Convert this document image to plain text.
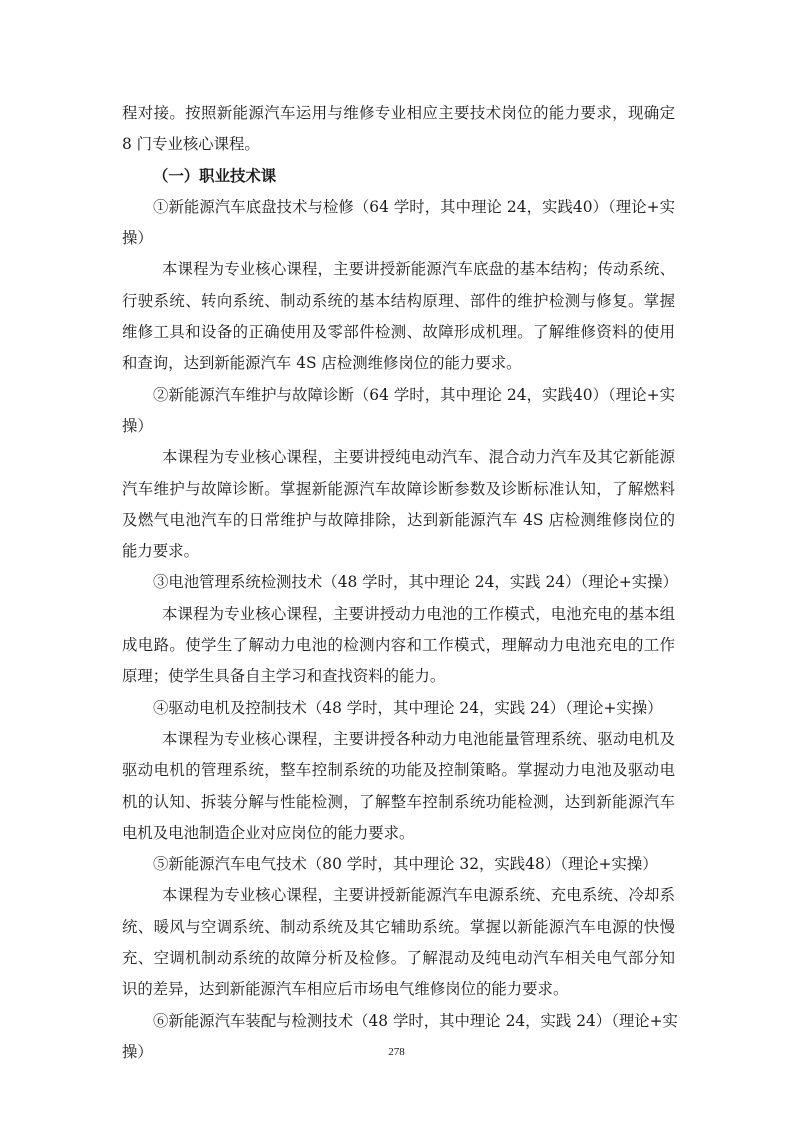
程对接。按照新能源汽车运用与维修专业相应主要技术岗位的能力要求，现确定
8 门专业核心课程。
（一）职业技术课
①新能源汽车底盘技术与检修（64 学时，其中理论 24，实践40）（理论+实
操）
本课程为专业核心课程，主要讲授新能源汽车底盘的基本结构；传动系统、
行驶系统、转向系统、制动系统的基本结构原理、部件的维护检测与修复。掌握
维修工具和设备的正确使用及零部件检测、故障形成机理。了解维修资料的使用
和查询，达到新能源汽车 4S 店检测维修岗位的能力要求。
②新能源汽车维护与故障诊断（64 学时，其中理论 24，实践40）（理论+实
操）
本课程为专业核心课程，主要讲授纯电动汽车、混合动力汽车及其它新能源
汽车维护与故障诊断。掌握新能源汽车故障诊断参数及诊断标准认知，了解燃料
及燃气电池汽车的日常维护与故障排除，达到新能源汽车 4S 店检测维修岗位的
能力要求。
③电池管理系统检测技术（48 学时，其中理论 24，实践 24）（理论+实操）
本课程为专业核心课程，主要讲授动力电池的工作模式，电池充电的基本组
成电路。使学生了解动力电池的检测内容和工作模式，理解动力电池充电的工作
原理；使学生具备自主学习和查找资料的能力。
④驱动电机及控制技术（48 学时，其中理论 24，实践 24）（理论+实操）
本课程为专业核心课程，主要讲授各种动力电池能量管理系统、驱动电机及
驱动电机的管理系统，整车控制系统的功能及控制策略。掌握动力电池及驱动电
机的认知、拆装分解与性能检测，了解整车控制系统功能检测，达到新能源汽车
电机及电池制造企业对应岗位的能力要求。
⑤新能源汽车电气技术（80 学时，其中理论 32，实践48）（理论+实操）
本课程为专业核心课程，主要讲授新能源汽车电源系统、充电系统、冷却系
统、暖风与空调系统、制动系统及其它辅助系统。掌握以新能源汽车电源的快慢
充、空调机制动系统的故障分析及检修。了解混动及纯电动汽车相关电气部分知
识的差异，达到新能源汽车相应后市场电气维修岗位的能力要求。
⑥新能源汽车装配与检测技术（48 学时，其中理论 24，实践 24）（理论+实
操）	278
